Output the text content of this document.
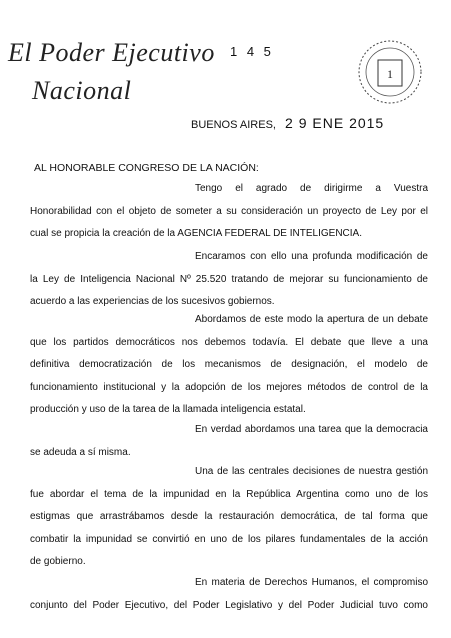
El Poder Ejecutivo
Nacional
1 4 5
1
BUENOS AIRES, 2 9 ENE 2015
AL HONORABLE CONGRESO DE LA NACIÓN:
Tengo el agrado de dirigirme a Vuestra
Honorabilidad con el objeto de someter a su consideración un proyecto de Ley por el
cual se propicia la creación de la AGENCIA FEDERAL DE INTELIGENCIA.
Encaramos con ello una profunda modificación de
la Ley de Inteligencia Nacional Nº 25.520 tratando de mejorar su funcionamiento de
acuerdo a las experiencias de los sucesivos gobiernos.
Abordamos de este modo la apertura de un debate
que los partidos democráticos nos debemos todavía. El debate que lleve a una
definitiva democratización de los mecanismos de designación, el modelo de
funcionamiento institucional y la adopción de los mejores métodos de control de la
producción y uso de la tarea de la llamada inteligencia estatal.
En verdad abordamos una tarea que la democracia
se adeuda a sí misma.
Una de las centrales decisiones de nuestra gestión
fue abordar el tema de la impunidad en la República Argentina como uno de los
estigmas que arrastrábamos desde la restauración democrática, de tal forma que
combatir la impunidad se convirtió en uno de los pilares fundamentales de la acción
de gobierno.
En materia de Derechos Humanos, el compromiso
conjunto del Poder Ejecutivo, del Poder Legislativo y del Poder Judicial tuvo como
